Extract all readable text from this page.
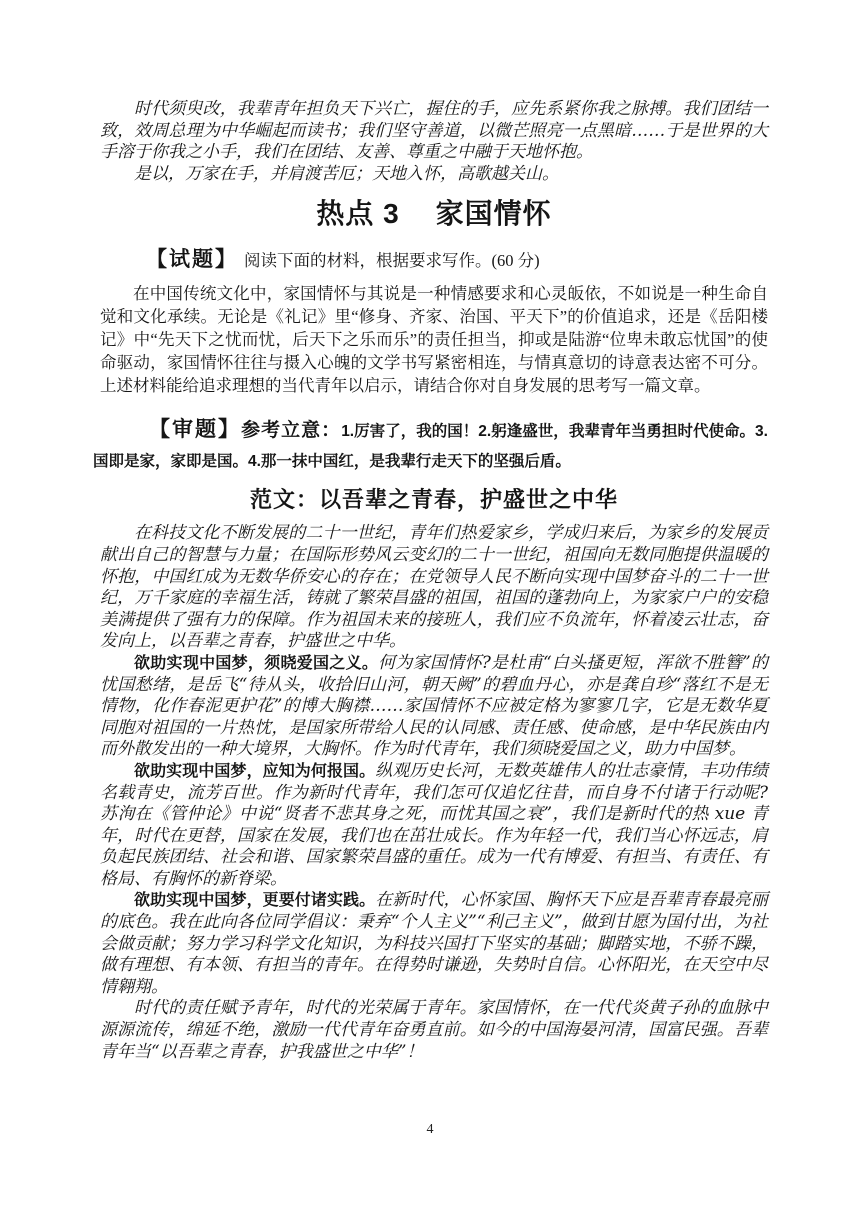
时代须臾改，我辈青年担负天下兴亡，握住的手，应先系紧你我之脉搏。我们团结一致，效周总理为中华崛起而读书；我们坚守善道，以微芒照亮一点黑暗……于是世界的大手溶于你我之小手，我们在团结、友善、尊重之中融于天地怀抱。

是以，万家在手，并肩渡苦厄；天地入怀，高歌越关山。

热点 3 家国情怀

【试题】 阅读下面的材料，根据要求写作。(60 分)

在中国传统文化中，家国情怀与其说是一种情感要求和心灵皈依，不如说是一种生命自觉和文化承续。无论是《礼记》里“修身、齐家、治国、平天下”的价值追求，还是《岳阳楼记》中“先天下之忧而忧，后天下之乐而乐”的责任担当，抑或是陆游“位卑未敢忘忧国”的使命驱动，家国情怀往往与摄入心魄的文学书写紧密相连，与情真意切的诗意表达密不可分。上述材料能给追求理想的当代青年以启示，请结合你对自身发展的思考写一篇文章。

【审题】参考立意：1.厉害了，我的国！2.躬逢盛世，我辈青年当勇担时代使命。3.国即是家，家即是国。4.那一抹中国红，是我辈行走天下的坚强后盾。

范文：以吾辈之青春，护盛世之中华

在科技文化不断发展的二十一世纪，青年们热爱家乡，学成归来后，为家乡的发展贡献出自己的智慧与力量；在国际形势风云变幻的二十一世纪，祖国向无数同胞提供温暖的怀抱，中国红成为无数华侨安心的存在；在党领导人民不断向实现中国梦奋斗的二十一世纪，万千家庭的幸福生活，铸就了繁荣昌盛的祖国，祖国的蓬勃向上，为家家户户的安稳美满提供了强有力的保障。作为祖国未来的接班人，我们应不负流年，怀着凌云壮志，奋发向上，以吾辈之青春，护盛世之中华。

欲助实现中国梦，须晓爱国之义。何为家国情怀?是杜甫“白头搔更短，浑欲不胜簪”的忧国愁绪，是岳飞“待从头，收拾旧山河，朝天阙”的碧血丹心，亦是龚自珍“落红不是无情物，化作春泥更护花”的博大胸襟……家国情怀不应被定格为寥寥几字，它是无数华夏同胞对祖国的一片热忱，是国家所带给人民的认同感、责任感、使命感，是中华民族由内而外散发出的一种大境界，大胸怀。作为时代青年，我们须晓爱国之义，助力中国梦。

欲助实现中国梦，应知为何报国。纵观历史长河，无数英雄伟人的壮志豪情，丰功伟绩名载青史，流芳百世。作为新时代青年，我们怎可仅追忆往昔，而自身不付诸于行动呢?苏洵在《管仲论》中说“贤者不悲其身之死，而忧其国之衰”，我们是新时代的热 xue 青年，时代在更替，国家在发展，我们也在茁壮成长。作为年轻一代，我们当心怀远志，肩负起民族团结、社会和谐、国家繁荣昌盛的重任。成为一代有博爱、有担当、有责任、有格局、有胸怀的新脊梁。

欲助实现中国梦，更要付诸实践。在新时代，心怀家国、胸怀天下应是吾辈青春最亮丽的底色。我在此向各位同学倡议：秉弃“个人主义”“利己主义”，做到甘愿为国付出，为社会做贡献；努力学习科学文化知识，为科技兴国打下坚实的基础；脚踏实地，不骄不躁，做有理想、有本领、有担当的青年。在得势时谦逊，失势时自信。心怀阳光，在天空中尽情翱翔。

时代的责任赋予青年，时代的光荣属于青年。家国情怀，在一代代炎黄子孙的血脉中源源流传，绵延不绝，激励一代代青年奋勇直前。如今的中国海晏河清，国富民强。吾辈青年当“以吾辈之青春，护我盛世之中华”！

4
